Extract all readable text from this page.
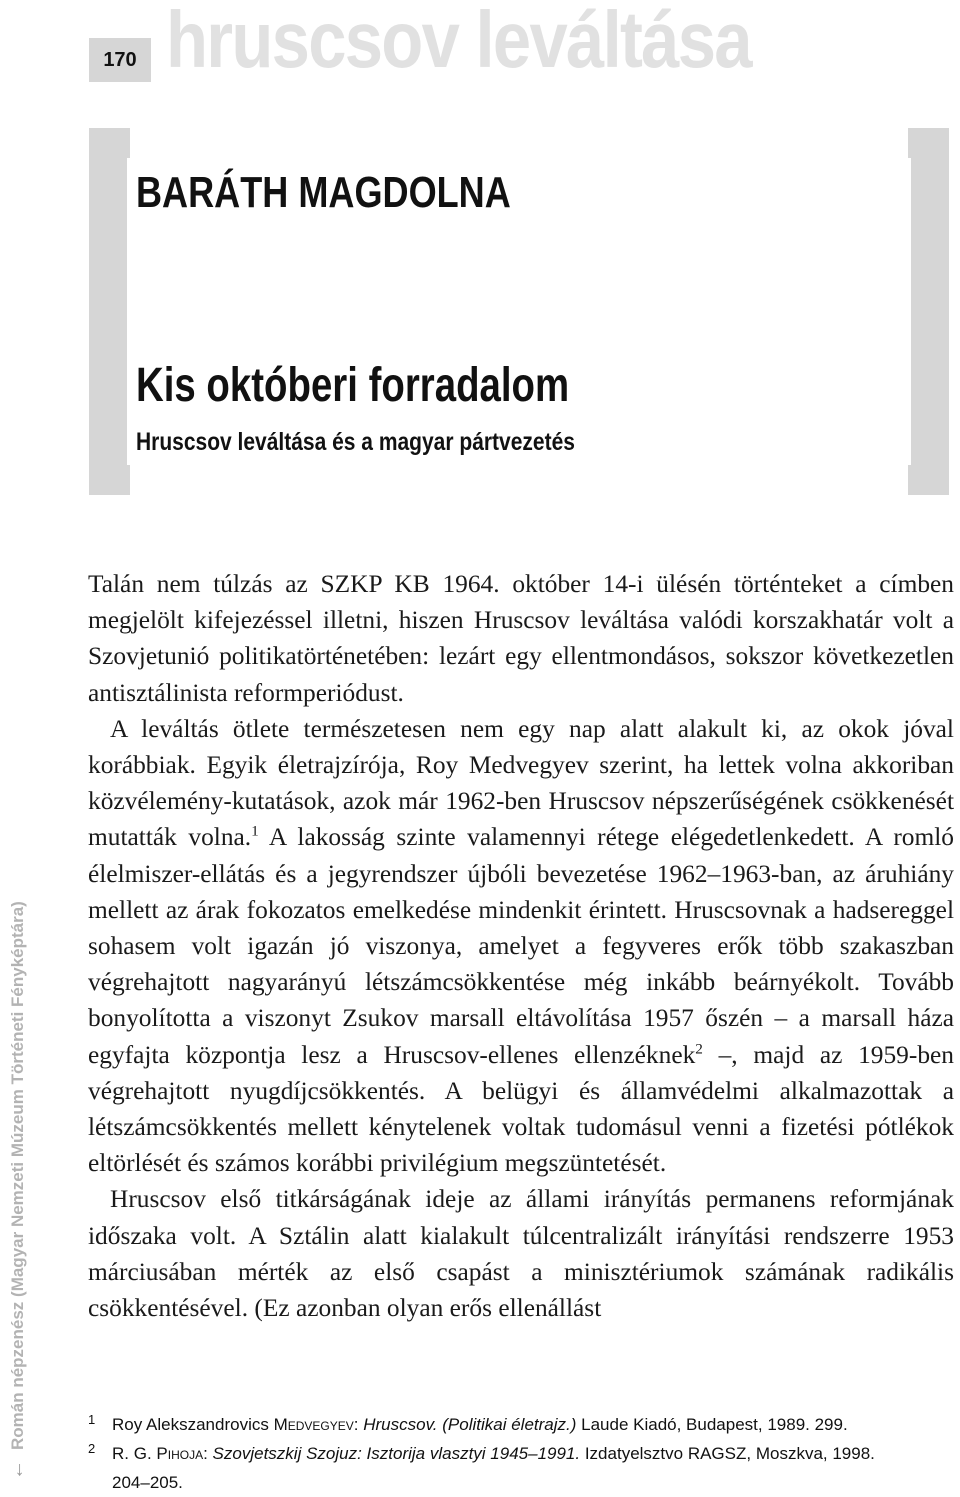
170 hruscsov leváltása
BARÁTH MAGDOLNA
Kis októberi forradalom
Hruscsov leváltása és a magyar pártvezetés

Talán nem túlzás az SZKP KB 1964. október 14-i ülésén történteket a címben megjelölt kifejezéssel illetni, hiszen Hruscsov leváltása valódi korszakhatár volt a Szovjetunió politikatörténetében: lezárt egy ellentmondásos, sokszor következetlen antisztálinista reformperiódust.

A leváltás ötlete természetesen nem egy nap alatt alakult ki, az okok jóval korábbiak. Egyik életrajzírója, Roy Medvegyev szerint, ha lettek volna akkoriban közvélemény-kutatások, azok már 1962-ben Hruscsov népszerűségének csökkenését mutatták volna.$^1$ A lakosság szinte valamennyi rétege elégedetlenkedett. A romló élelmiszer-ellátás és a jegyrendszer újbóli bevezetése 1962–1963-ban, az áruhiány mellett az árak fokozatos emelkedése mindenkit érintett. Hruscsovnak a hadsereggel sohasem volt igazán jó viszonya, amelyet a fegyveres erők több szakaszban végrehajtott nagyarányú létszámcsökkentése még inkább beárnyékolt. Tovább bonyolította a viszonyt Zsukov marsall eltávolítása 1957 őszén – a marsall háza egyfajta központja lesz a Hruscsov-ellenes ellenzéknek$^2$ –, majd az 1959-ben végrehajtott nyugdíjcsökkentés. A belügyi és államvédelmi alkalmazottak a létszámcsökkentés mellett kénytelenek voltak tudomásul venni a fizetési pótlékok eltörlését és számos korábbi privilégium megszüntetését.

Hruscsov első titkárságának ideje az állami irányítás permanens reformjának időszaka volt. A Sztálin alatt kialakult túlcentralizált irányítási rendszerre 1953 márciusában mérték az első csapást a minisztériumok számának radikális csökkentésével. (Ez azonban olyan erős ellenállást

1 Roy Alekszandrovics Medvegyev: Hruscsov. (Politikai életrajz.) Laude Kiadó, Budapest, 1989. 299.
2 R. G. Pihoja: Szovjetszkij Szojuz: Isztorija vlasztyi 1945–1991. Izdatyelsztvo RAGSZ, Moszkva, 1998.
204–205.
←
Román népzenész (Magyar Nemzeti Múzeum Történeti Fényképtára)
